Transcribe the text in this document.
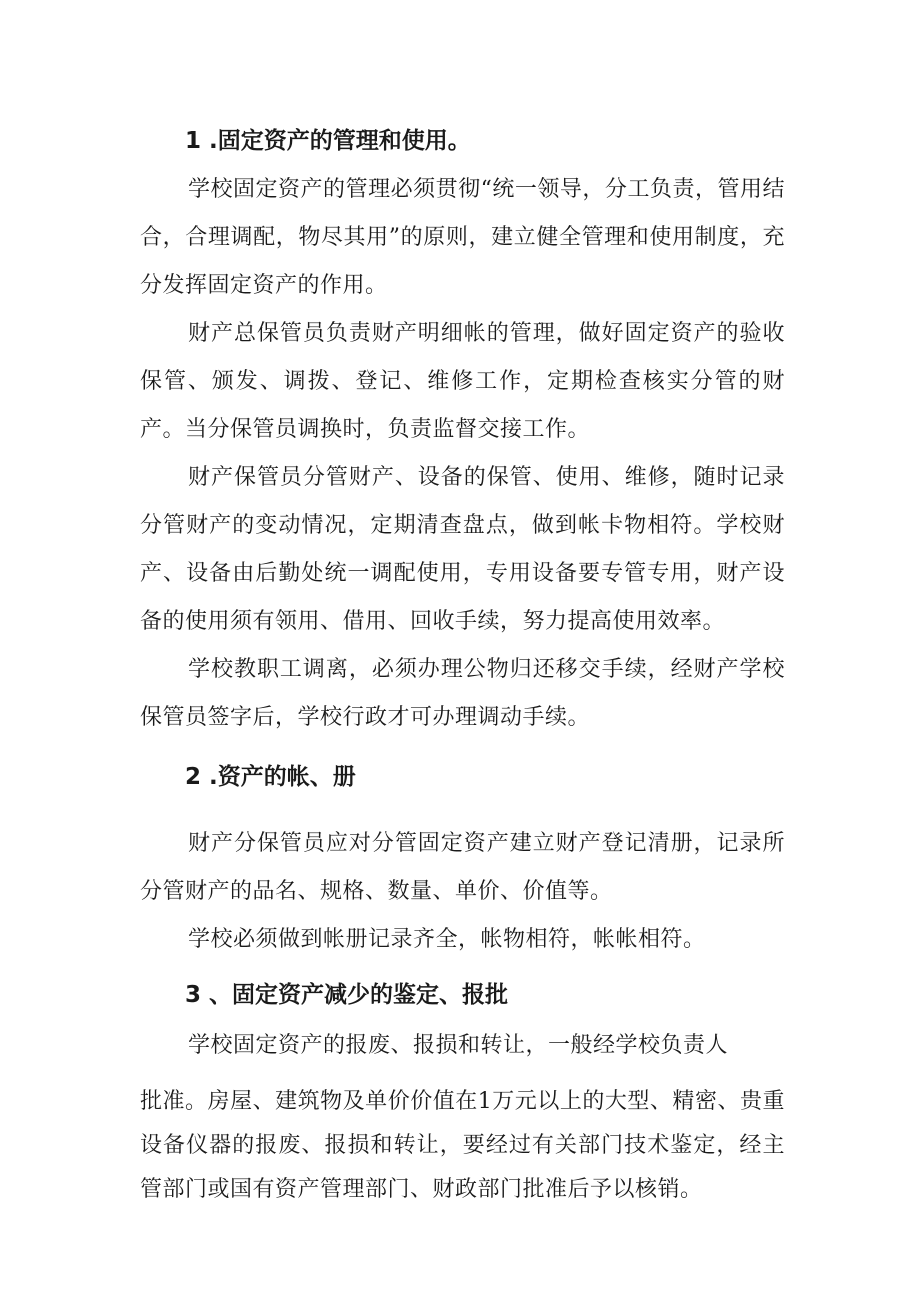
1 .固定资产的管理和使用。
学校固定资产的管理必须贯彻“统一领导，分工负责，管用结合，合理调配，物尽其用”的原则，建立健全管理和使用制度，充分发挥固定资产的作用。
财产总保管员负责财产明细帐的管理，做好固定资产的验收保管、颁发、调拨、登记、维修工作，定期检查核实分管的财产。当分保管员调换时，负责监督交接工作。
财产保管员分管财产、设备的保管、使用、维修，随时记录分管财产的变动情况，定期清查盘点，做到帐卡物相符。学校财产、设备由后勤处统一调配使用，专用设备要专管专用，财产设备的使用须有领用、借用、回收手续，努力提高使用效率。
学校教职工调离，必须办理公物归还移交手续，经财产学校保管员签字后，学校行政才可办理调动手续。
2 .资产的帐、册
财产分保管员应对分管固定资产建立财产登记清册，记录所分管财产的品名、规格、数量、单价、价值等。
学校必须做到帐册记录齐全，帐物相符，帐帐相符。
3 、固定资产减少的鉴定、报批
学校固定资产的报废、报损和转让，一般经学校负责人
批准。房屋、建筑物及单价价值在1万元以上的大型、精密、贵重设备仪器的报废、报损和转让，要经过有关部门技术鉴定，经主管部门或国有资产管理部门、财政部门批准后予以核销。
